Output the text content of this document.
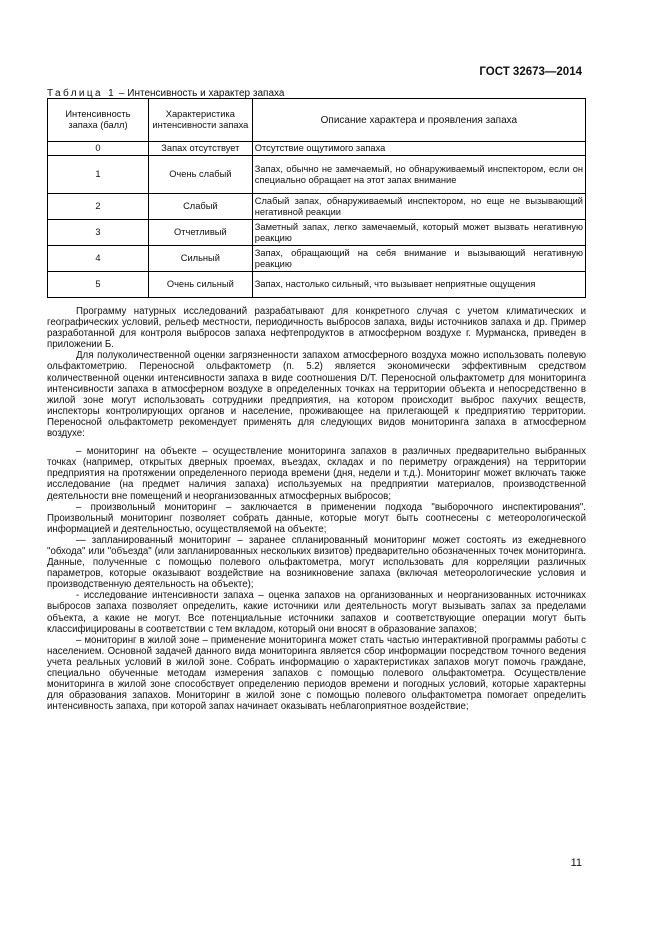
ГОСТ 32673—2014
Таблица 1 – Интенсивность и характер запаха
Интенсивность запаха (балл)	Характеристика интенсивности запаха	Описание характера и проявления запаха
0	Запах отсутствует	Отсутствие ощутимого запаха
1	Очень слабый	Запах, обычно не замечаемый, но обнаруживаемый инспектором, если он специально обращает на этот запах внимание
2	Слабый	Слабый запах, обнаруживаемый инспектором, но еще не вызывающий негативной реакции
3	Отчетливый	Заметный запах, легко замечаемый, который может вызвать негативную реакцию
4	Сильный	Запах, обращающий на себя внимание и вызывающий негативную реакцию
5	Очень сильный	Запах, настолько сильный, что вызывает неприятные ощущения

Программу натурных исследований разрабатывают для конкретного случая с учетом климатических и географических условий, рельеф местности, периодичность выбросов запаха, виды источников запаха и др. Пример разработанной для контроля выбросов запаха нефтепродуктов в атмосферном воздухе г. Мурманска, приведен в приложении Б.

Для полуколичественной оценки загрязненности запахом атмосферного воздуха можно использовать полевую ольфактометрию. Переносной ольфактометр (п. 5.2) является экономически эффективным средством количественной оценки интенсивности запаха в виде соотношения D/T. Переносной ольфактометр для мониторинга интенсивности запаха в атмосферном воздухе в определенных точках на территории объекта и непосредственно в жилой зоне могут использовать сотрудники предприятия, на котором происходит выброс пахучих веществ, инспекторы контролирующих органов и население, проживающее на прилегающей к предприятию территории. Переносной ольфактометр рекомендует применять для следующих видов мониторинга запаха в атмосферном воздухе:

– мониторинг на объекте – осуществление мониторинга запахов в различных предварительно выбранных точках (например, открытых дверных проемах, въездах, складах и по периметру ограждения) на территории предприятия на протяжении определенного периода времени (дня, недели и т.д.). Мониторинг может включать также исследование (на предмет наличия запаха) используемых на предприятии материалов, производственной деятельности вне помещений и неорганизованных атмосферных выбросов;

– произвольный мониторинг – заключается в применении подхода "выборочного инспектирования". Произвольный мониторинг позволяет собрать данные, которые могут быть соотнесены с метеорологической информацией и деятельностью, осуществляемой на объекте;

— запланированный мониторинг – заранее спланированный мониторинг может состоять из ежедневного "обхода" или "объезда" (или запланированных нескольких визитов) предварительно обозначенных точек мониторинга. Данные, полученные с помощью полевого ольфактометра, могут использовать для корреляции различных параметров, которые оказывают воздействие на возникновение запаха (включая метеорологические условия и производственную деятельность на объекте);

- исследование интенсивности запаха – оценка запахов на организованных и неорганизованных источниках выбросов запаха позволяет определить, какие источники или деятельность могут вызывать запах за пределами объекта, а какие не могут. Все потенциальные источники запахов и соответствующие операции могут быть классифицированы в соответствии с тем вкладом, который они вносят в образование запахов;

– мониторинг в жилой зоне – применение мониторинга может стать частью интерактивной программы работы с населением. Основной задачей данного вида мониторинга является сбор информации посредством точного ведения учета реальных условий в жилой зоне. Собрать информацию о характеристиках запахов могут помочь граждане, специально обученные методам измерения запахов с помощью полевого ольфактометра. Осуществление мониторинга в жилой зоне способствует определению периодов времени и погодных условий, которые характерны для образования запахов. Мониторинг в жилой зоне с помощью полевого ольфактометра помогает определить интенсивность запаха, при которой запах начинает оказывать неблагоприятное воздействие;

11
